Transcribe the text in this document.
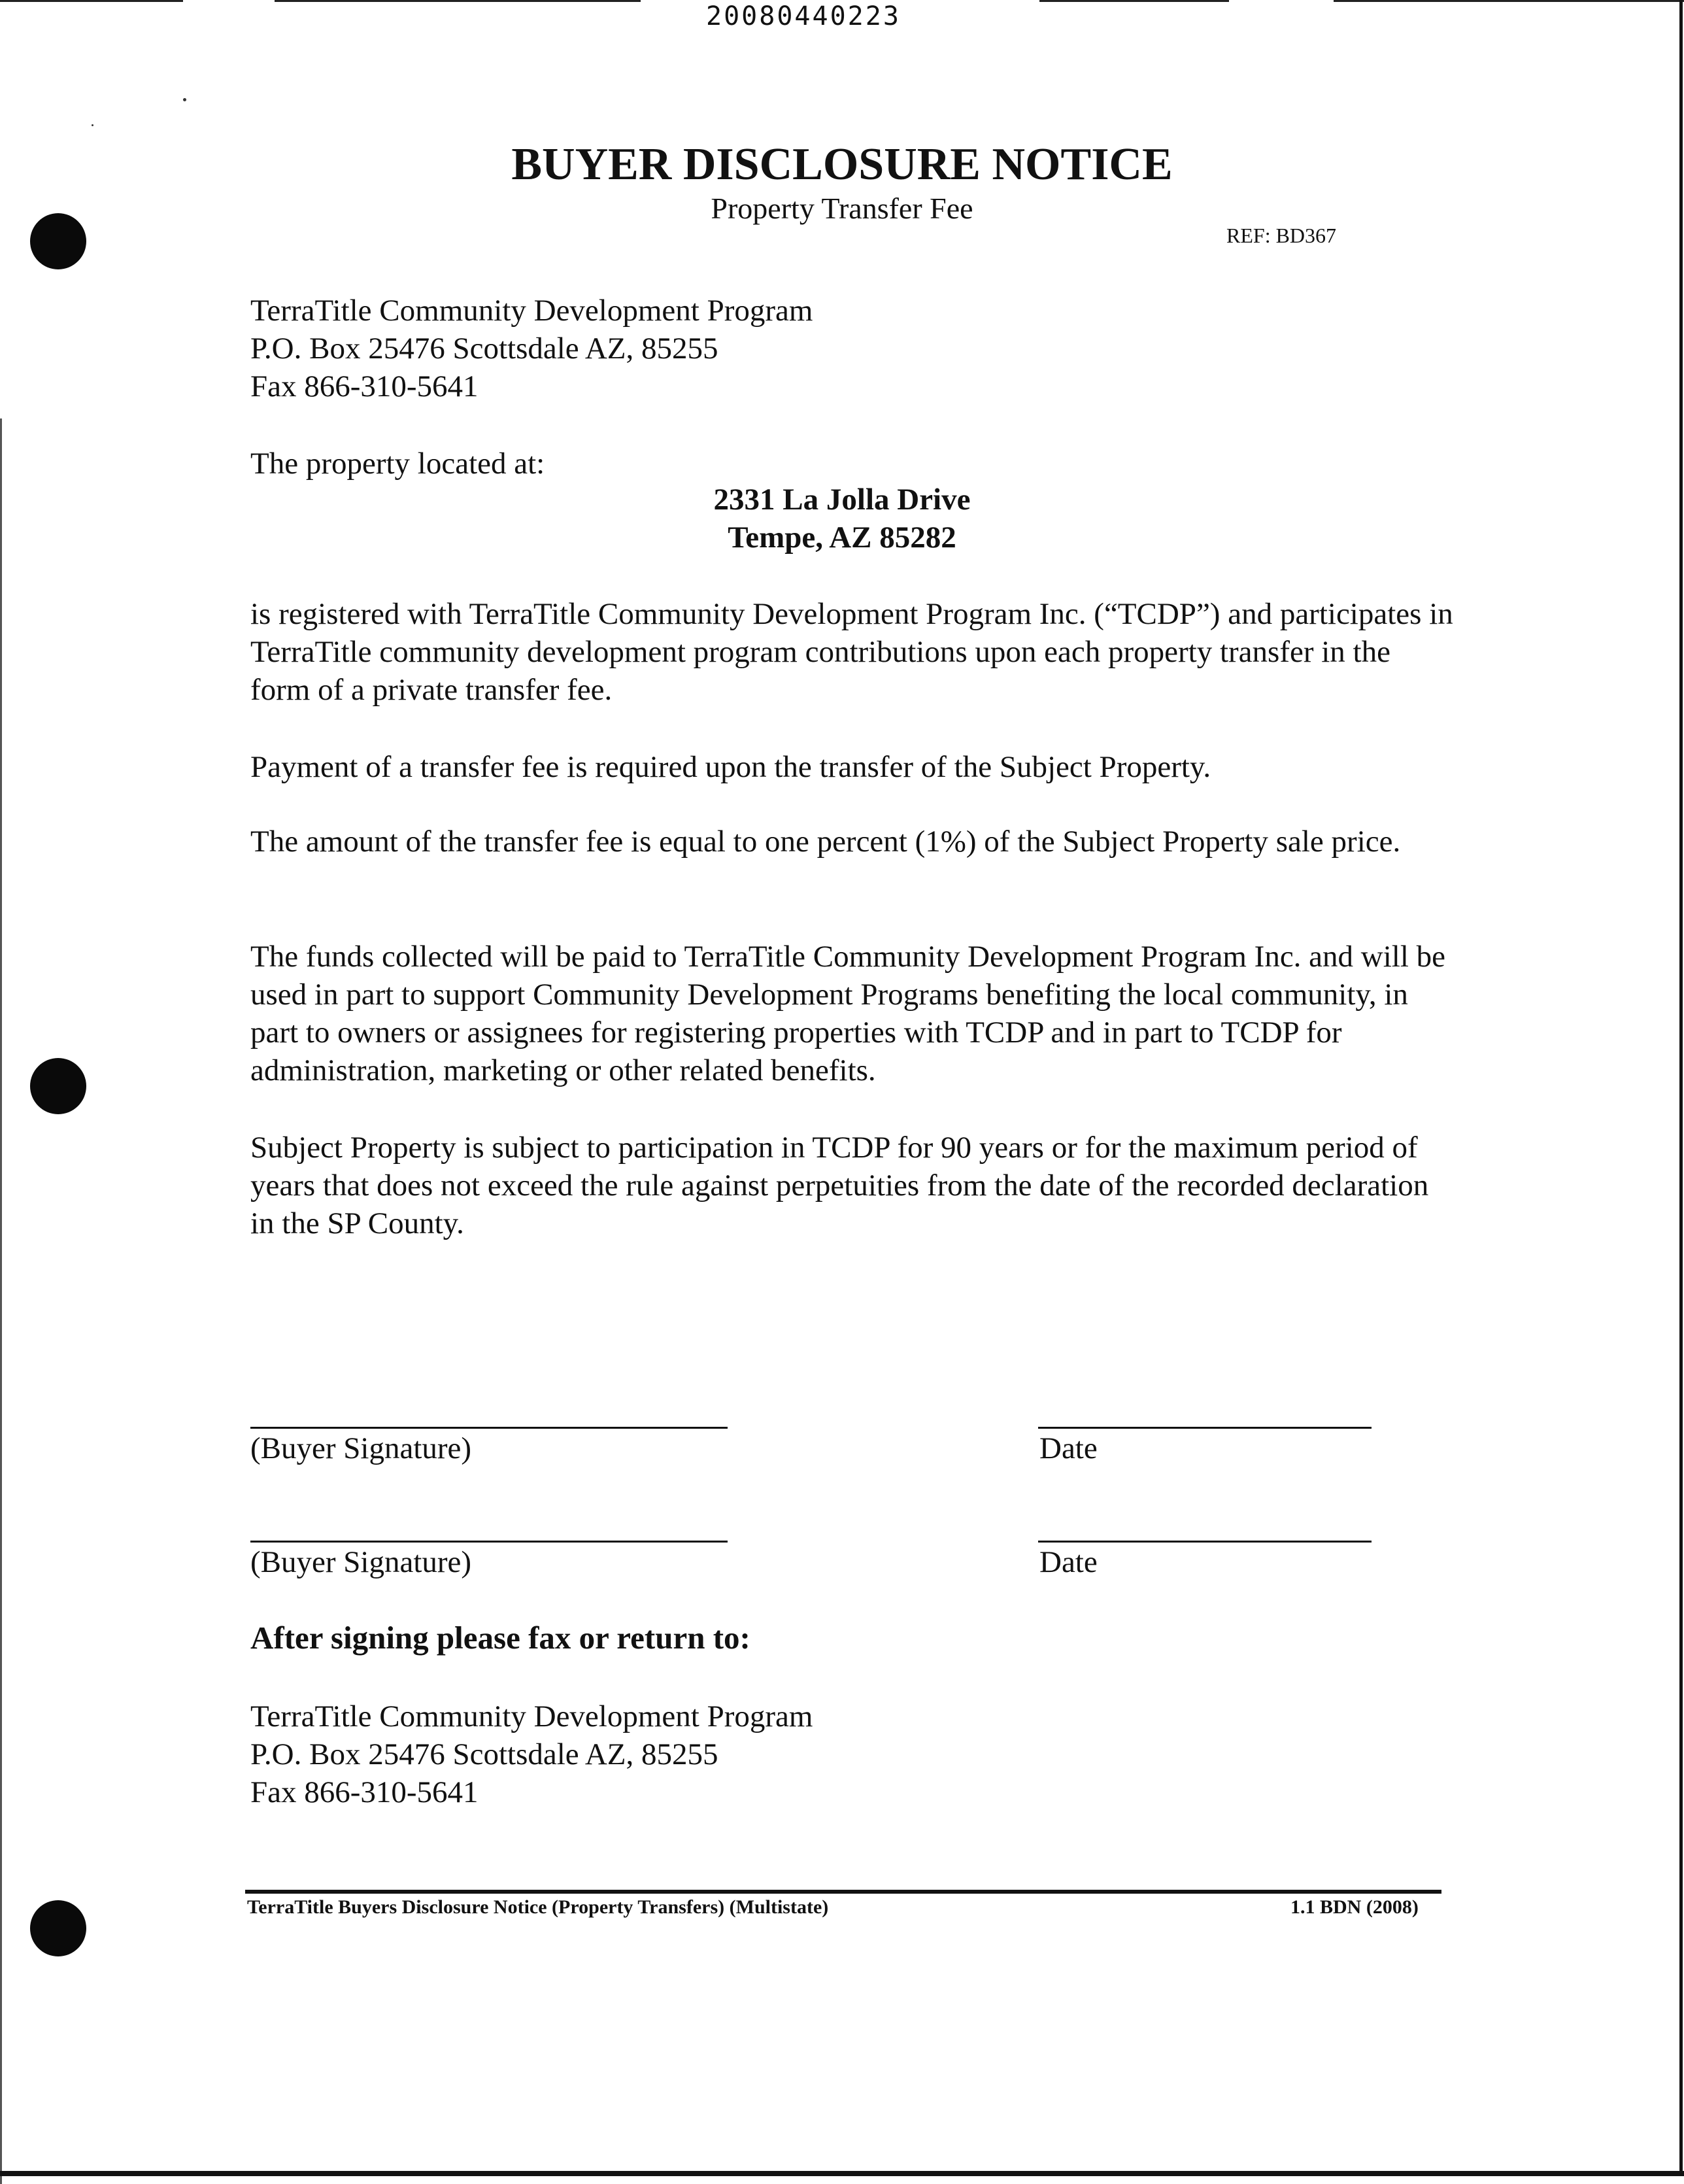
20080440223
BUYER DISCLOSURE NOTICE
Property Transfer Fee
REF: BD367
TerraTitle Community Development Program
P.O. Box 25476 Scottsdale AZ, 85255
Fax 866-310-5641
The property located at:
2331 La Jolla Drive
Tempe, AZ 85282
is registered with TerraTitle Community Development Program Inc. (“TCDP”) and participates in TerraTitle community development program contributions upon each property transfer in the form of a private transfer fee.
Payment of a transfer fee is required upon the transfer of the Subject Property.
The amount of the transfer fee is equal to one percent (1%) of the Subject Property sale price.
The funds collected will be paid to TerraTitle Community Development Program Inc. and will be used in part to support Community Development Programs benefiting the local community, in part to owners or assignees for registering properties with TCDP and in part to TCDP for administration, marketing or other related benefits.
Subject Property is subject to participation in TCDP for 90 years or for the maximum period of years that does not exceed the rule against perpetuities from the date of the recorded declaration in the SP County.
(Buyer Signature)	Date
(Buyer Signature)	Date
After signing please fax or return to:
TerraTitle Community Development Program
P.O. Box 25476 Scottsdale AZ, 85255
Fax 866-310-5641
TerraTitle Buyers Disclosure Notice (Property Transfers) (Multistate)	1.1 BDN (2008)
